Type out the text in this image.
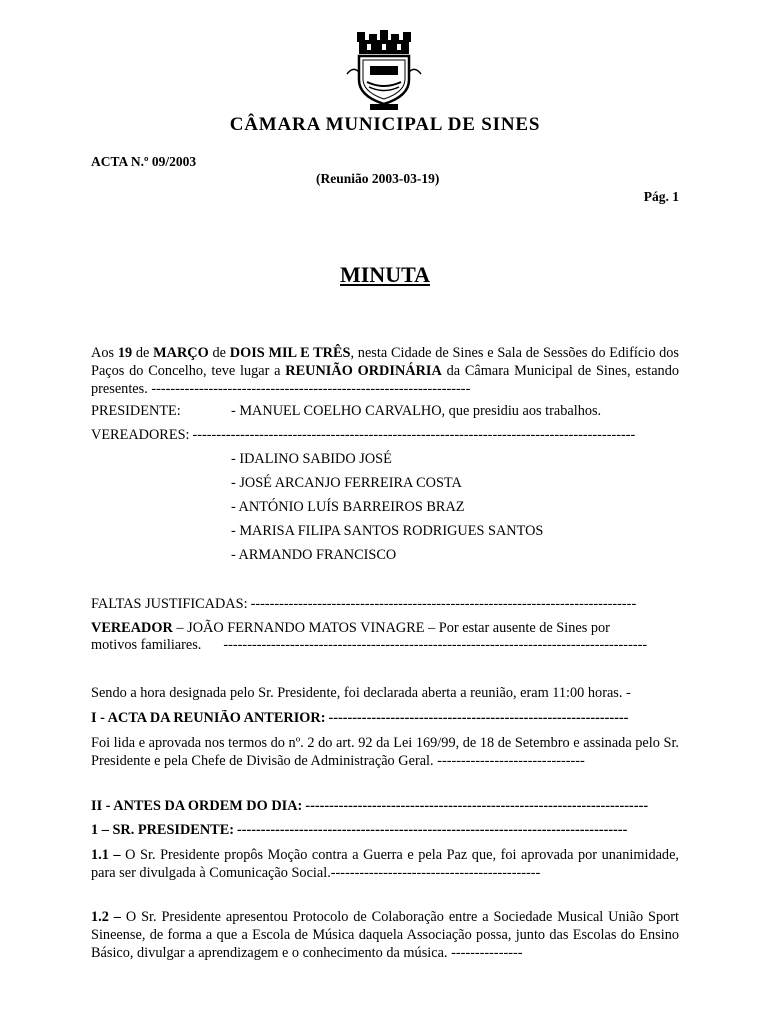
CÂMARA MUNICIPAL DE SINES
ACTA N.º 09/2003
(Reunião 2003-03-19)
Pág. 1
MINUTA
Aos 19 de MARÇO de DOIS MIL E TRÊS, nesta Cidade de Sines e Sala de Sessões do Edifício dos Paços do Concelho, teve lugar a REUNIÃO ORDINÁRIA da Câmara Municipal de Sines, estando presentes. -------------------------------------------------------------------
PRESIDENTE:	- MANUEL COELHO CARVALHO, que presidiu aos trabalhos.
VEREADORES: ---------------------------------------------------------------------------------------------
- IDALINO SABIDO JOSÉ
- JOSÉ ARCANJO FERREIRA COSTA
- ANTÓNIO LUÍS BARREIROS BRAZ
- MARISA FILIPA SANTOS RODRIGUES SANTOS
- ARMANDO FRANCISCO
FALTAS JUSTIFICADAS: ---------------------------------------------------------------------------------
VEREADOR – JOÃO FERNANDO MATOS VINAGRE – Por estar ausente de Sines por
motivos familiares. -----------------------------------------------------------------------------------------
Sendo a hora designada pelo Sr. Presidente, foi declarada aberta a reunião, eram 11:00 horas. -
I - ACTA DA REUNIÃO ANTERIOR: ---------------------------------------------------------------
Foi lida e aprovada nos termos do nº. 2 do art. 92 da Lei 169/99, de 18 de Setembro e assinada pelo Sr. Presidente e pela Chefe de Divisão de Administração Geral. -------------------------------
II - ANTES DA ORDEM DO DIA: ------------------------------------------------------------------------
1 – SR. PRESIDENTE: ----------------------------------------------------------------------------------
1.1 – O Sr. Presidente propôs Moção contra a Guerra e pela Paz que, foi aprovada por unanimidade, para ser divulgada à Comunicação Social.--------------------------------------------
1.2 – O Sr. Presidente apresentou Protocolo de Colaboração entre a Sociedade Musical União Sport Sineense, de forma a que a Escola de Música daquela Associação possa, junto das Escolas do Ensino Básico, divulgar a aprendizagem e o conhecimento da música. ---------------
